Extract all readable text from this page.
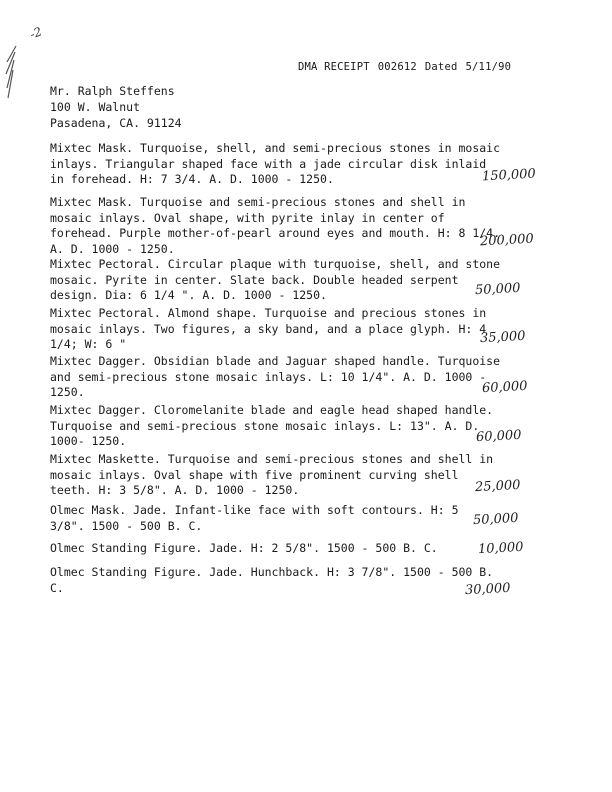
-2
DMA RECEIPT 002612 Dated 5/11/90
Mr. Ralph Steffens
100 W. Walnut
Pasadena, CA. 91124
Mixtec Mask. Turquoise, shell, and semi-precious stones in mosaic
inlays. Triangular shaped face with a jade circular disk inlaid
in forehead. H: 7 3/4. A. D. 1000 - 1250.	150,000
Mixtec Mask. Turquoise and semi-precious stones and shell in
mosaic inlays. Oval shape, with pyrite inlay in center of
forehead. Purple mother-of-pearl around eyes and mouth. H: 8 1/4.
A. D. 1000 - 1250.	200,000
Mixtec Pectoral. Circular plaque with turquoise, shell, and stone
mosaic. Pyrite in center. Slate back. Double headed serpent
design. Dia: 6 1/4 ". A. D. 1000 - 1250.	50,000
Mixtec Pectoral. Almond shape. Turquoise and precious stones in
mosaic inlays. Two figures, a sky band, and a place glyph. H: 4
1/4; W: 6 "	35,000
Mixtec Dagger. Obsidian blade and Jaguar shaped handle. Turquoise
and semi-precious stone mosaic inlays. L: 10 1/4". A. D. 1000 -
1250.	60,000
Mixtec Dagger. Cloromelanite blade and eagle head shaped handle.
Turquoise and semi-precious stone mosaic inlays. L: 13". A. D.
1000- 1250.	60,000
Mixtec Maskette. Turquoise and semi-precious stones and shell in
mosaic inlays. Oval shape with five prominent curving shell
teeth. H: 3 5/8". A. D. 1000 - 1250.	25,000
Olmec Mask. Jade. Infant-like face with soft contours. H: 5
3/8". 1500 - 500 B. C.	50,000
Olmec Standing Figure. Jade. H: 2 5/8". 1500 - 500 B. C.	10,000
Olmec Standing Figure. Jade. Hunchback. H: 3 7/8". 1500 - 500 B.
C.	30,000
